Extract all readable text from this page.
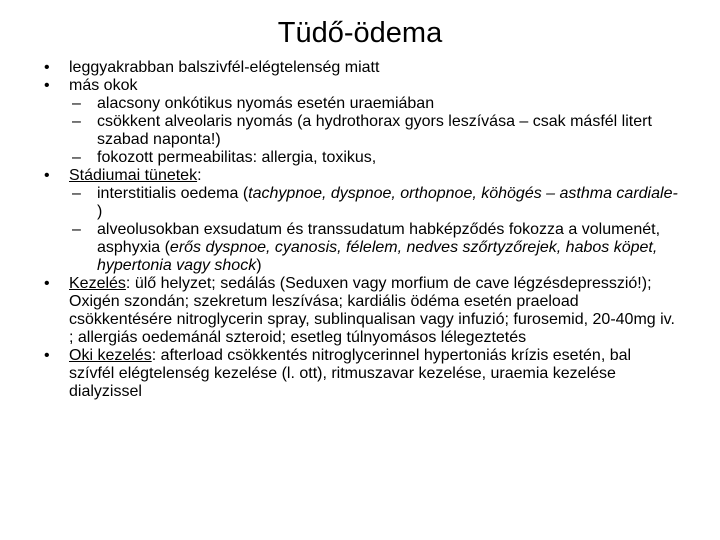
Tüdő-ödema
• leggyakrabban balszivfél-elégtelenség miatt
• más okok
– alacsony onkótikus nyomás esetén uraemiában
– csökkent alveolaris nyomás (a hydrothorax gyors leszívása – csak másfél litert szabad naponta!)
– fokozott permeabilitas: allergia, toxikus,
• Stádiumai tünetek:
– interstitialis oedema (tachypnoe, dyspnoe, orthopnoe, köhögés – asthma cardiale- )
– alveolusokban exsudatum és transsudatum habképződés fokozza a volumenét, asphyxia (erős dyspnoe, cyanosis, félelem, nedves szőrtyzőrejek, habos köpet, hypertonia vagy shock)
• Kezelés: ülő helyzet; sedálás (Seduxen vagy morfium de cave légzésdepresszió!); Oxigén szondán; szekretum leszívása; kardiális ödéma esetén praeload csökkentésére nitroglycerin spray, sublinqualisan vagy infuzió; furosemid, 20-40mg iv. ; allergiás oedemánál szteroid; esetleg túlnyomásos lélegeztetés
• Oki kezelés: afterload csökkentés nitroglycerinnel hypertoniás krízis esetén, bal szívfél elégtelenség kezelése (l. ott), ritmuszavar kezelése, uraemia kezelése dialyzissel
